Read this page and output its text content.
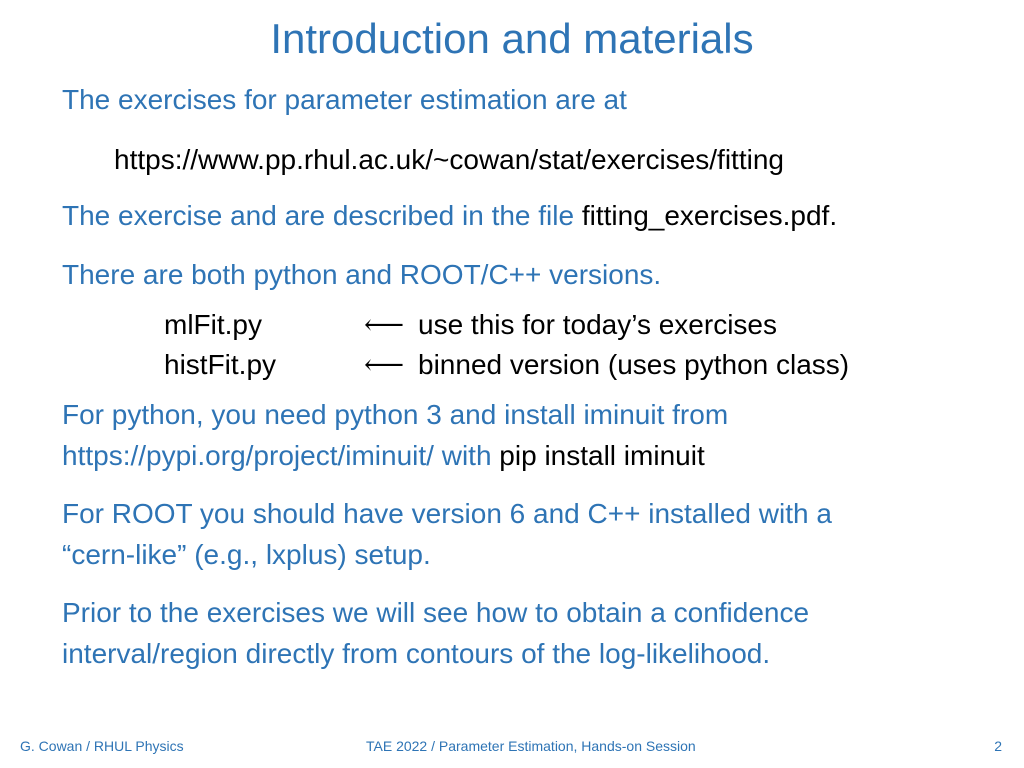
Introduction and materials
The exercises for parameter estimation are at
https://www.pp.rhul.ac.uk/~cowan/stat/exercises/fitting
The exercise and are described in the file fitting_exercises.pdf.
There are both python and ROOT/C++ versions.
mlFit.py	⟵ use this for today’s exercises
histFit.py	⟵ binned version (uses python class)
For python, you need python 3 and install iminuit from
https://pypi.org/project/iminuit/ with pip install iminuit
For ROOT you should have version 6 and C++ installed with a
“cern-like” (e.g., lxplus) setup.
Prior to the exercises we will see how to obtain a confidence
interval/region directly from contours of the log-likelihood.
G. Cowan / RHUL Physics	TAE 2022 / Parameter Estimation, Hands-on Session	2
